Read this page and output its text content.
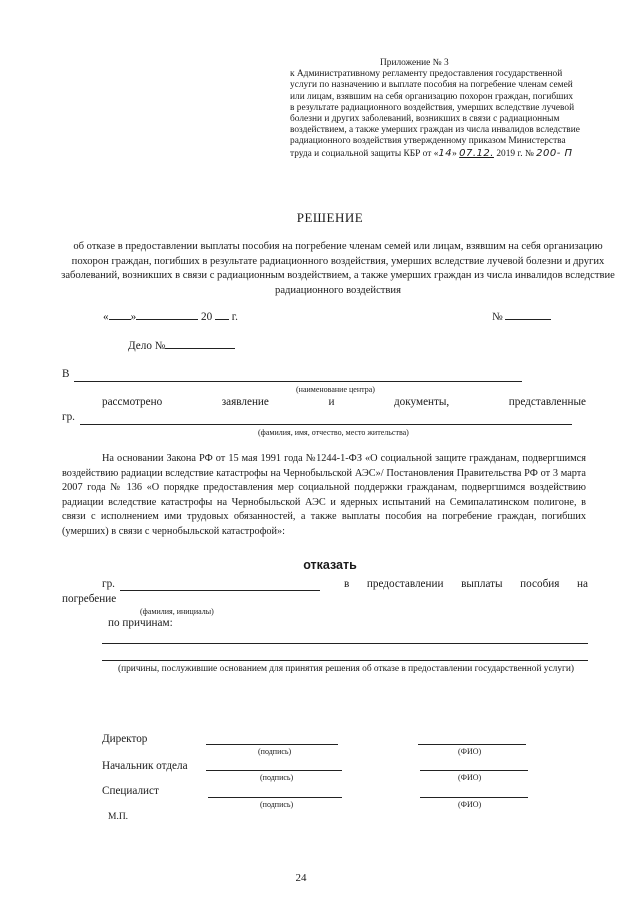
Приложение № 3
к Административному регламенту предоставления государственной
услуги по назначению и выплате пособия на погребение членам семей
или лицам, взявшим на себя организацию похорон граждан, погибших
в результате радиационного воздействия, умерших вследствие лучевой
болезни и других заболеваний, возникших в связи с радиационным
воздействием, а также умерших граждан из числа инвалидов вследствие
радиационного воздействия утвержденному приказом Министерства
труда и социальной защиты КБР от «14» 07.12. 2019 г. № 200- П
РЕШЕНИЕ
об отказе в предоставлении выплаты пособия на погребение членам семей или лицам, взявшим на себя организацию похорон граждан, погибших в результате радиационного воздействия, умерших вследствие лучевой болезни и других заболеваний, возникших в связи с радиационным воздействием, а также умерших граждан из числа инвалидов вследствие радиационного воздействия
« »	20 г.	№
Дело №
В
(наименование центра)
рассмотрено	заявление	и	документы,	представленные
гр.
(фамилия, имя, отчество, место жительства)
На основании Закона РФ от 15 мая 1991 года №1244-1-ФЗ «О социальной защите гражданам, подвергшимся воздействию радиации вследствие катастрофы на Чернобыльской АЭС»/ Постановления Правительства РФ от 3 марта 2007 года № 136 «О порядке предоставления мер социальной поддержки гражданам, подвергшимся воздействию радиации вследствие катастрофы на Чернобыльской АЭС и ядерных испытаний на Семипалатинском полигоне, в связи с исполнением ими трудовых обязанностей, а также выплаты пособия на погребение граждан, погибших (умерших) в связи с чернобыльской катастрофой»:
отказать
гр.	в предоставлении выплаты пособия на
погребение
(фамилия, инициалы)
по причинам:
(причины, послужившие основанием для принятия решения об отказе в предоставлении государственной услуги)
Директор
(подпись)	(ФИО)
Начальник отдела
(подпись)	(ФИО)
Специалист
(подпись)	(ФИО)
М.П.
24
